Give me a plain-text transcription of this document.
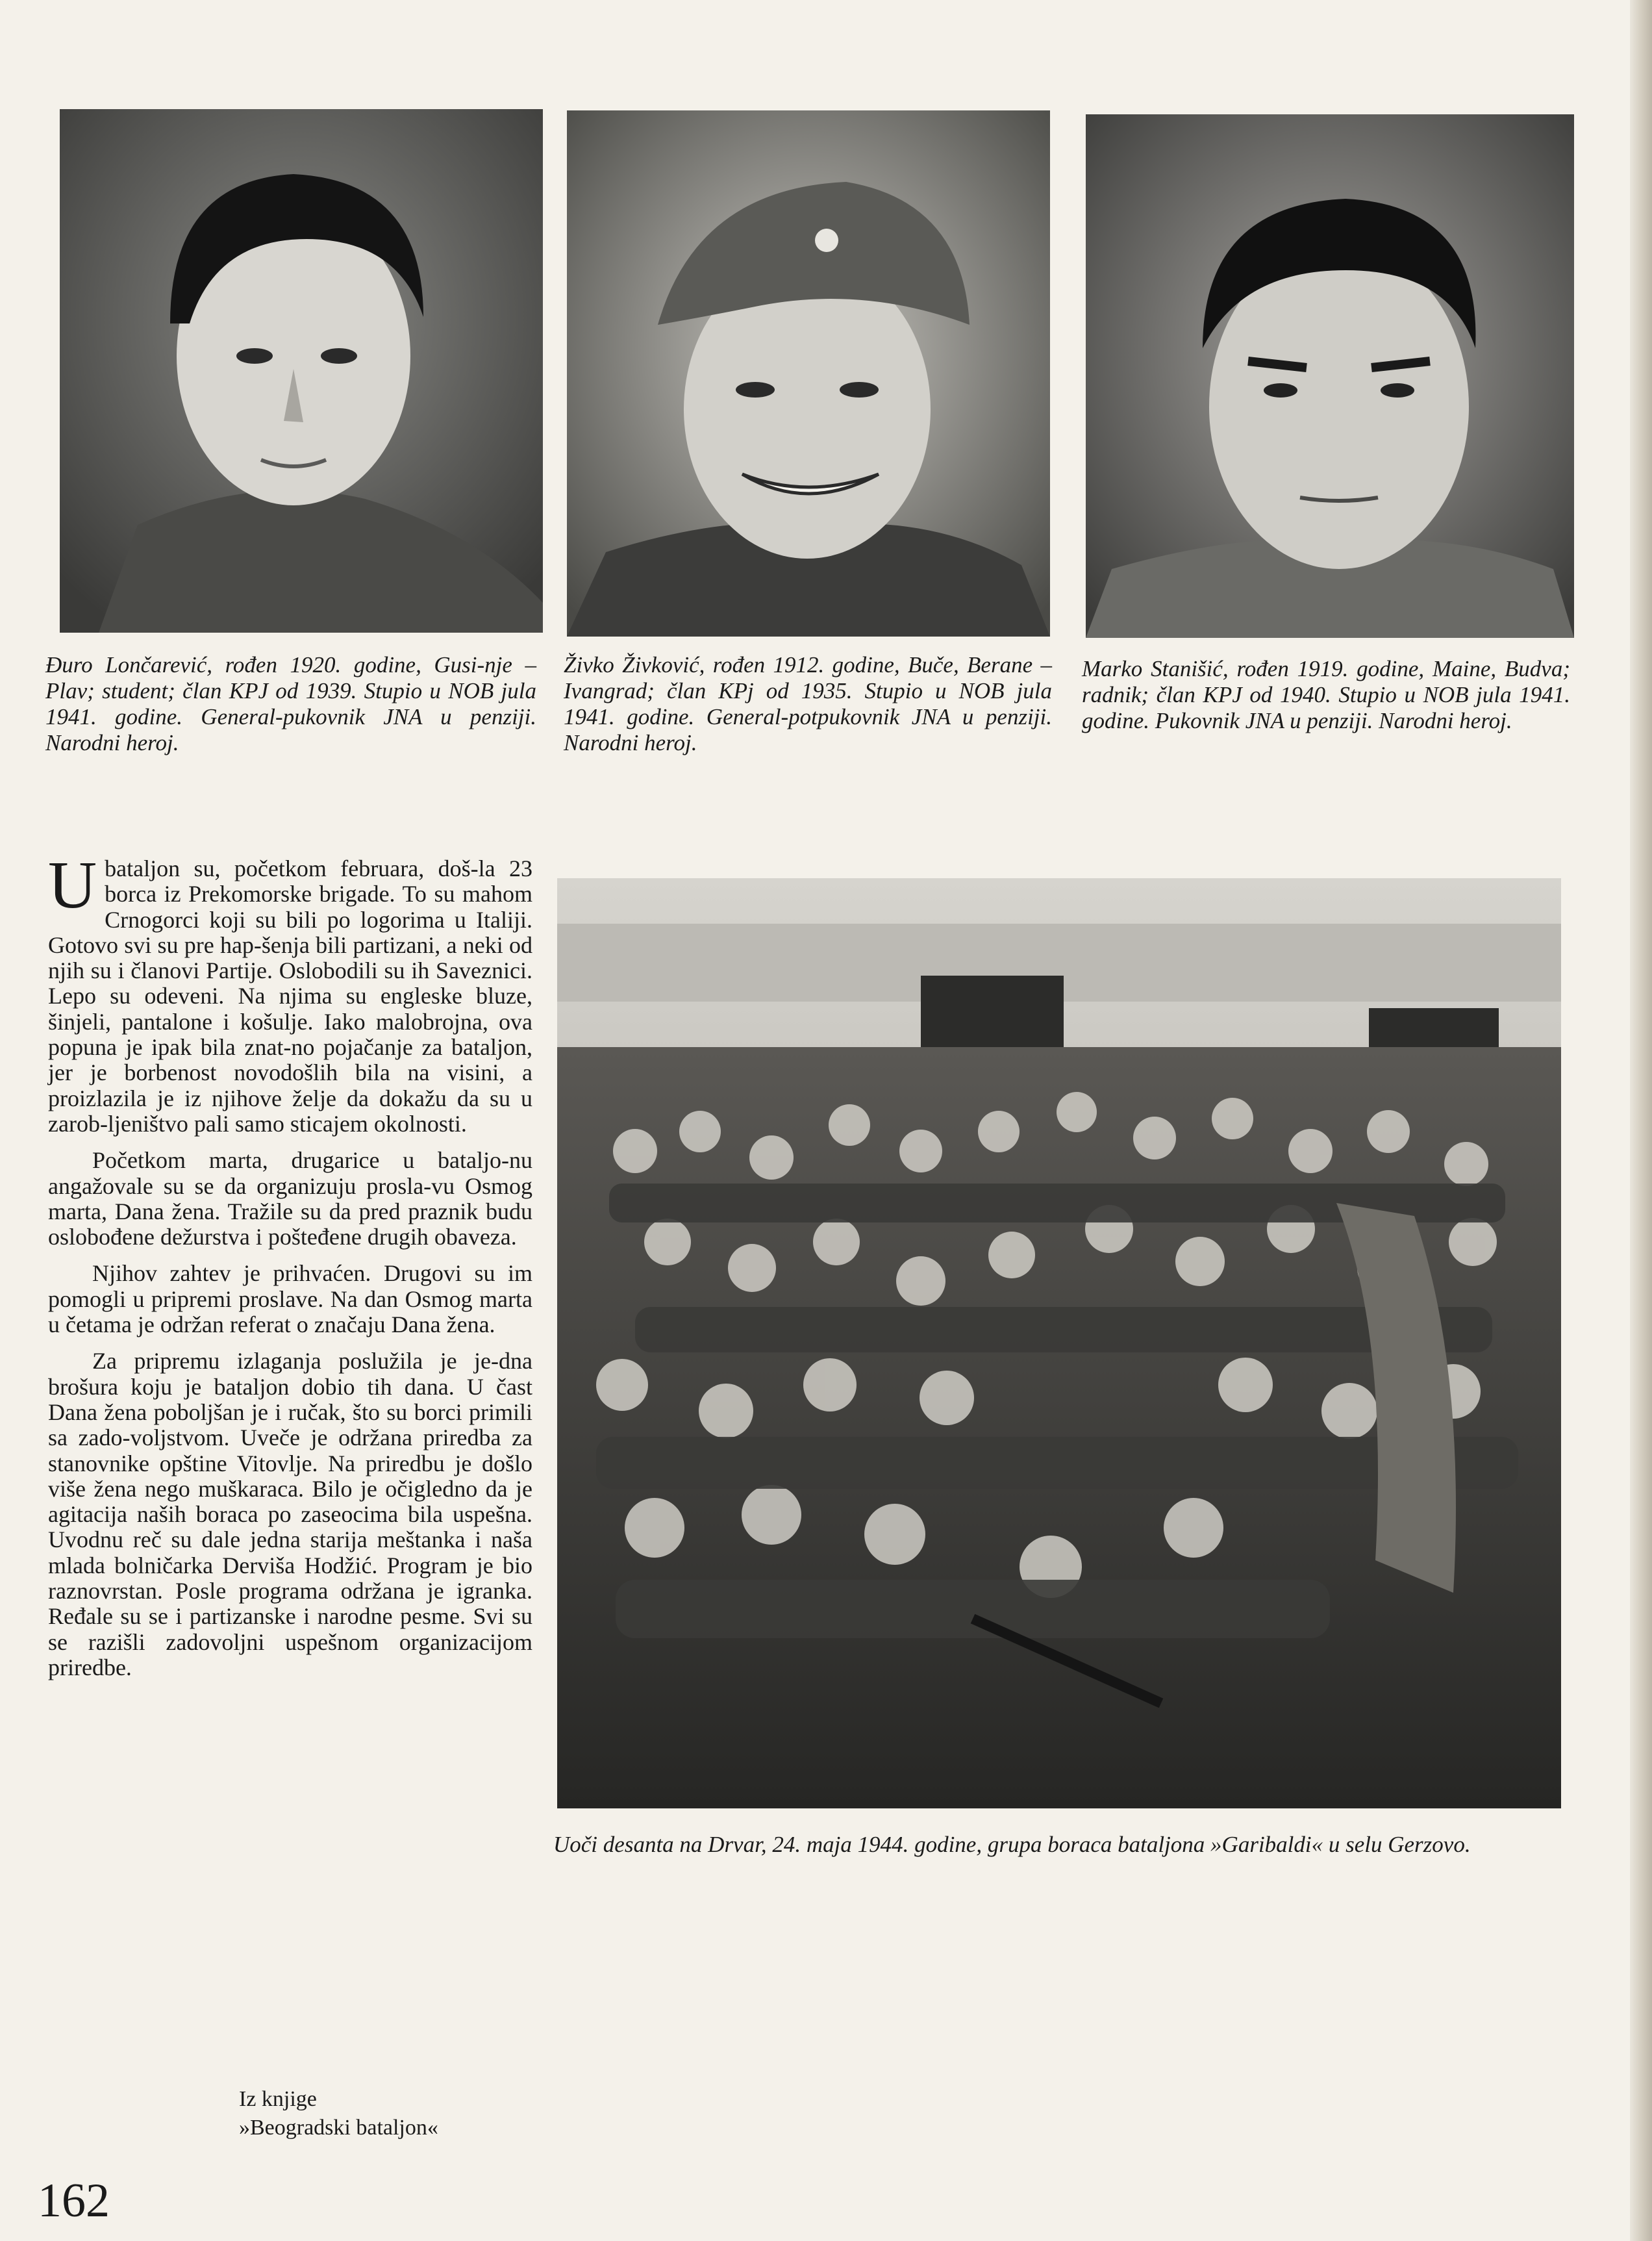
Đuro Lončarević, rođen 1920. godine, Gusi-nje – Plav; student; član KPJ od 1939. Stupio u NOB jula 1941. godine. General-pukovnik JNA u penziji. Narodni heroj.

Živko Živković, rođen 1912. godine, Buče, Berane – Ivangrad; član KPj od 1935. Stupio u NOB jula 1941. godine. General-potpukovnik JNA u penziji. Narodni heroj.

Marko Stanišić, rođen 1919. godine, Maine, Budva; radnik; član KPJ od 1940. Stupio u NOB jula 1941. godine. Pukovnik JNA u penziji. Narodni heroj.

U bataljon su, početkom februara, doš-la 23 borca iz Prekomorske brigade. To su mahom Crnogorci koji su bili po logorima u Italiji. Gotovo svi su pre hap-šenja bili partizani, a neki od njih su i članovi Partije. Oslobodili su ih Saveznici. Lepo su odeveni. Na njima su engleske bluze, šinjeli, pantalone i košulje. Iako malobrojna, ova popuna je ipak bila znat-no pojačanje za bataljon, jer je borbenost novodošlih bila na visini, a proizlazila je iz njihove želje da dokažu da su u zarob-ljeništvo pali samo sticajem okolnosti.

Početkom marta, drugarice u bataljo-nu angažovale su se da organizuju prosla-vu Osmog marta, Dana žena. Tražile su da pred praznik budu oslobođene dežurstva i pošteđene drugih obaveza.

Njihov zahtev je prihvaćen. Drugovi su im pomogli u pripremi proslave. Na dan Osmog marta u četama je održan referat o značaju Dana žena.

Za pripremu izlaganja poslužila je je-dna brošura koju je bataljon dobio tih dana. U čast Dana žena poboljšan je i ručak, što su borci primili sa zado-voljstvom. Uveče je održana priredba za stanovnike opštine Vitovlje. Na priredbu je došlo više žena nego muškaraca. Bilo je očigledno da je agitacija naših boraca po zaseocima bila uspešna. Uvodnu reč su dale jedna starija meštanka i naša mlada bolničarka Derviša Hodžić. Program je bio raznovrstan. Posle programa održana je igranka. Ređale su se i partizanske i narodne pesme. Svi su se razišli zadovoljni uspešnom organizacijom priredbe.

Iz knjige
»Beogradski bataljon«

Uoči desanta na Drvar, 24. maja 1944. godine, grupa boraca bataljona »Garibaldi« u selu Gerzovo.

162
